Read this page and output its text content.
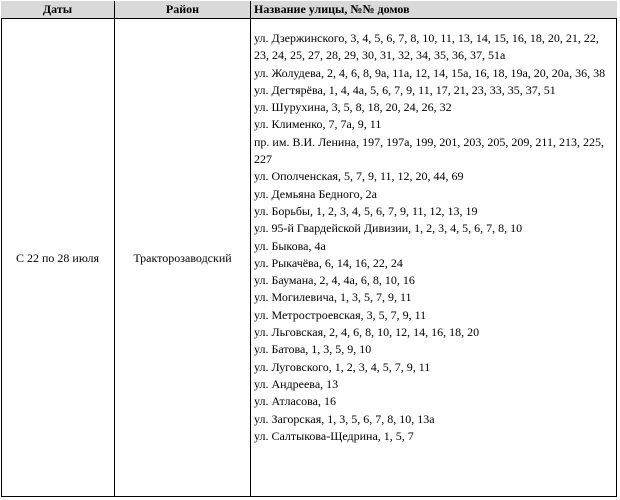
Даты	Район	Название улицы, №№ домов
С 22 по 28 июля	Тракторозаводский
ул. Дзержинского, 3, 4, 5, 6, 7, 8, 10, 11, 13, 14, 15, 16, 18, 20, 21, 22, 23, 24, 25, 27, 28, 29, 30, 31, 32, 34, 35, 36, 37, 51а
ул. Жолудева, 2, 4, 6, 8, 9а, 11а, 12, 14, 15а, 16, 18, 19а, 20, 20а, 36, 38
ул. Дегтярёва, 1, 4, 4а, 5, 6, 7, 9, 11, 17, 21, 23, 33, 35, 37, 51
ул. Шурухина, 3, 5, 8, 18, 20, 24, 26, 32
ул. Клименко, 7, 7а, 9, 11
пр. им. В.И. Ленина, 197, 197а, 199, 201, 203, 205, 209, 211, 213, 225, 227
ул. Ополченская, 5, 7, 9, 11, 12, 20, 44, 69
ул. Демьяна Бедного, 2а
ул. Борьбы, 1, 2, 3, 4, 5, 6, 7, 9, 11, 12, 13, 19
ул. 95-й Гвардейской Дивизии, 1, 2, 3, 4, 5, 6, 7, 8, 10
ул. Быкова, 4а
ул. Рыкачёва, 6, 14, 16, 22, 24
ул. Баумана, 2, 4, 4а, 6, 8, 10, 16
ул. Могилевича, 1, 3, 5, 7, 9, 11
ул. Метростроевская, 3, 5, 7, 9, 11
ул. Льговская, 2, 4, 6, 8, 10, 12, 14, 16, 18, 20
ул. Батова, 1, 3, 5, 9, 10
ул. Луговского, 1, 2, 3, 4, 5, 7, 9, 11
ул. Андреева, 13
ул. Атласова, 16
ул. Загорская, 1, 3, 5, 6, 7, 8, 10, 13а
ул. Салтыкова-Щедрина, 1, 5, 7
